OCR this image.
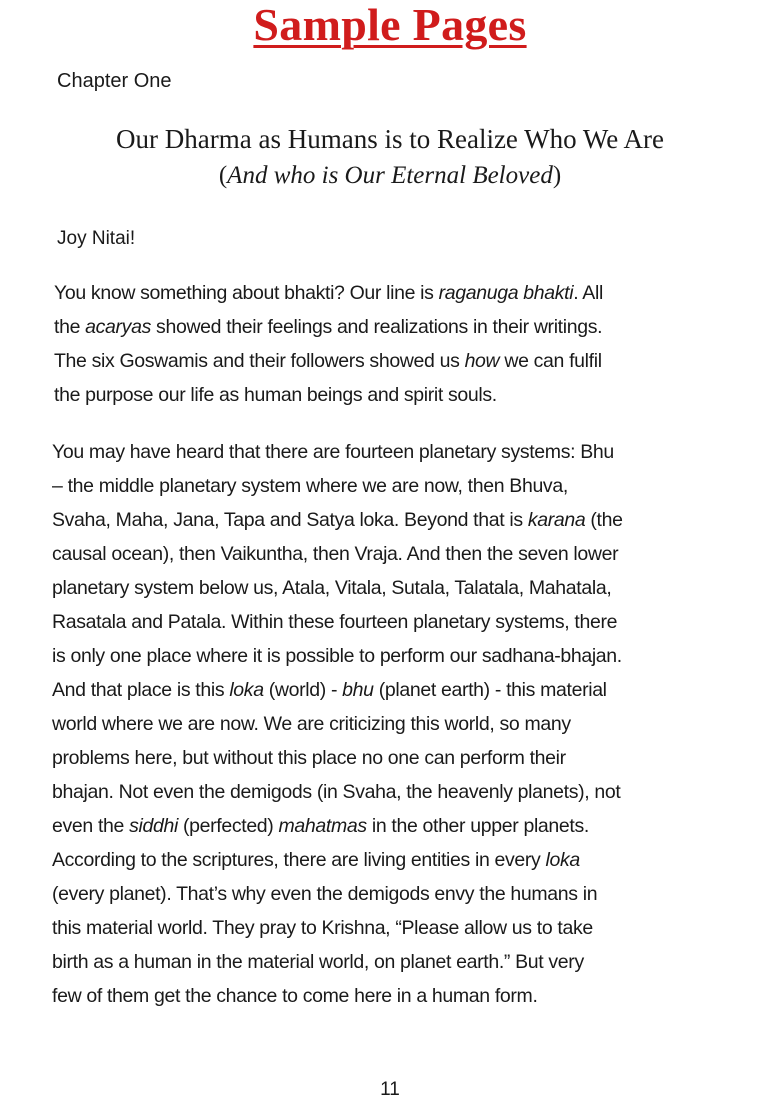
Sample Pages
Chapter One
Our Dharma as Humans is to Realize Who We Are
(And who is Our Eternal Beloved)
Joy Nitai!
You know something about bhakti? Our line is raganuga bhakti. All
the acaryas showed their feelings and realizations in their writings.
The six Goswamis and their followers showed us how we can fulfil
the purpose our life as human beings and spirit souls.
You may have heard that there are fourteen planetary systems: Bhu
– the middle planetary system where we are now, then Bhuva,
Svaha, Maha, Jana, Tapa and Satya loka. Beyond that is karana (the
causal ocean), then Vaikuntha, then Vraja. And then the seven lower
planetary system below us, Atala, Vitala, Sutala, Talatala, Mahatala,
Rasatala and Patala. Within these fourteen planetary systems, there
is only one place where it is possible to perform our sadhana-bhajan.
And that place is this loka (world) - bhu (planet earth) - this material
world where we are now. We are criticizing this world, so many
problems here, but without this place no one can perform their
bhajan. Not even the demigods (in Svaha, the heavenly planets), not
even the siddhi (perfected) mahatmas in the other upper planets.
According to the scriptures, there are living entities in every loka
(every planet). That’s why even the demigods envy the humans in
this material world. They pray to Krishna, “Please allow us to take
birth as a human in the material world, on planet earth.” But very
few of them get the chance to come here in a human form.
11
